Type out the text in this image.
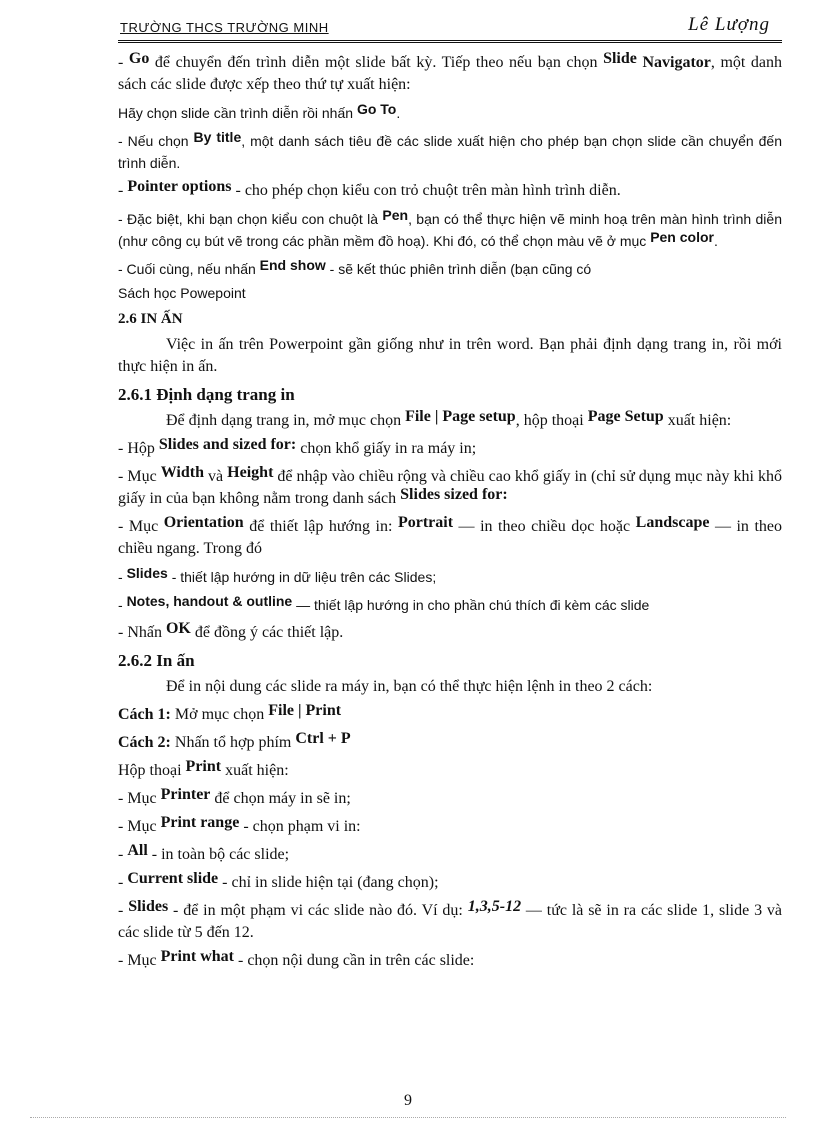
TRƯỜNG THCS TRƯỜNG MINH	Lê Lượng

- Go để chuyển đến trình diễn một slide bất kỳ. Tiếp theo nếu bạn chọn Slide Navigator, một danh sách các slide được xếp theo thứ tự xuất hiện:

Hãy chọn slide cần trình diễn rồi nhấn Go To.

- Nếu chọn By title, một danh sách tiêu đề các slide xuất hiện cho phép bạn chọn slide cần chuyển đến trình diễn.

- Pointer options - cho phép chọn kiểu con trỏ chuột trên màn hình trình diễn.

- Đặc biệt, khi bạn chọn kiểu con chuột là Pen, bạn có thể thực hiện vẽ minh hoạ trên màn hình trình diễn (như công cụ bút vẽ trong các phần mềm đồ hoạ). Khi đó, có thể chọn màu vẽ ở mục Pen color.

- Cuối cùng, nếu nhấn End show - sẽ kết thúc phiên trình diễn (bạn cũng có

Sách học Powepoint

2.6 IN ẤN

Việc in ấn trên Powerpoint gần giống như in trên word. Bạn phải định dạng trang in, rồi mới thực hiện in ấn.

2.6.1 Định dạng trang in

Để định dạng trang in, mở mục chọn File | Page setup, hộp thoại Page Setup xuất hiện:

- Hộp Slides and sized for: chọn khổ giấy in ra máy in;

- Mục Width và Height để nhập vào chiều rộng và chiều cao khổ giấy in (chỉ sử dụng mục này khi khổ giấy in của bạn không nằm trong danh sách Slides sized for:

- Mục Orientation để thiết lập hướng in: Portrait — in theo chiều dọc hoặc Landscape — in theo chiều ngang. Trong đó

- Slides - thiết lập hướng in dữ liệu trên các Slides;

- Notes, handout & outline — thiết lập hướng in cho phần chú thích đi kèm các slide

- Nhấn OK để đồng ý các thiết lập.

2.6.2 In ấn

Để in nội dung các slide ra máy in, bạn có thể thực hiện lệnh in theo 2 cách:

Cách 1: Mở mục chọn File | Print

Cách 2: Nhấn tổ hợp phím Ctrl + P

Hộp thoại Print xuất hiện:

- Mục Printer để chọn máy in sẽ in;

- Mục Print range - chọn phạm vi in:

- All - in toàn bộ các slide;

- Current slide - chỉ in slide hiện tại (đang chọn);

- Slides - để in một phạm vi các slide nào đó. Ví dụ: 1,3,5-12 — tức là sẽ in ra các slide 1, slide 3 và các slide từ 5 đến 12.

- Mục Print what - chọn nội dung cần in trên các slide:

9
